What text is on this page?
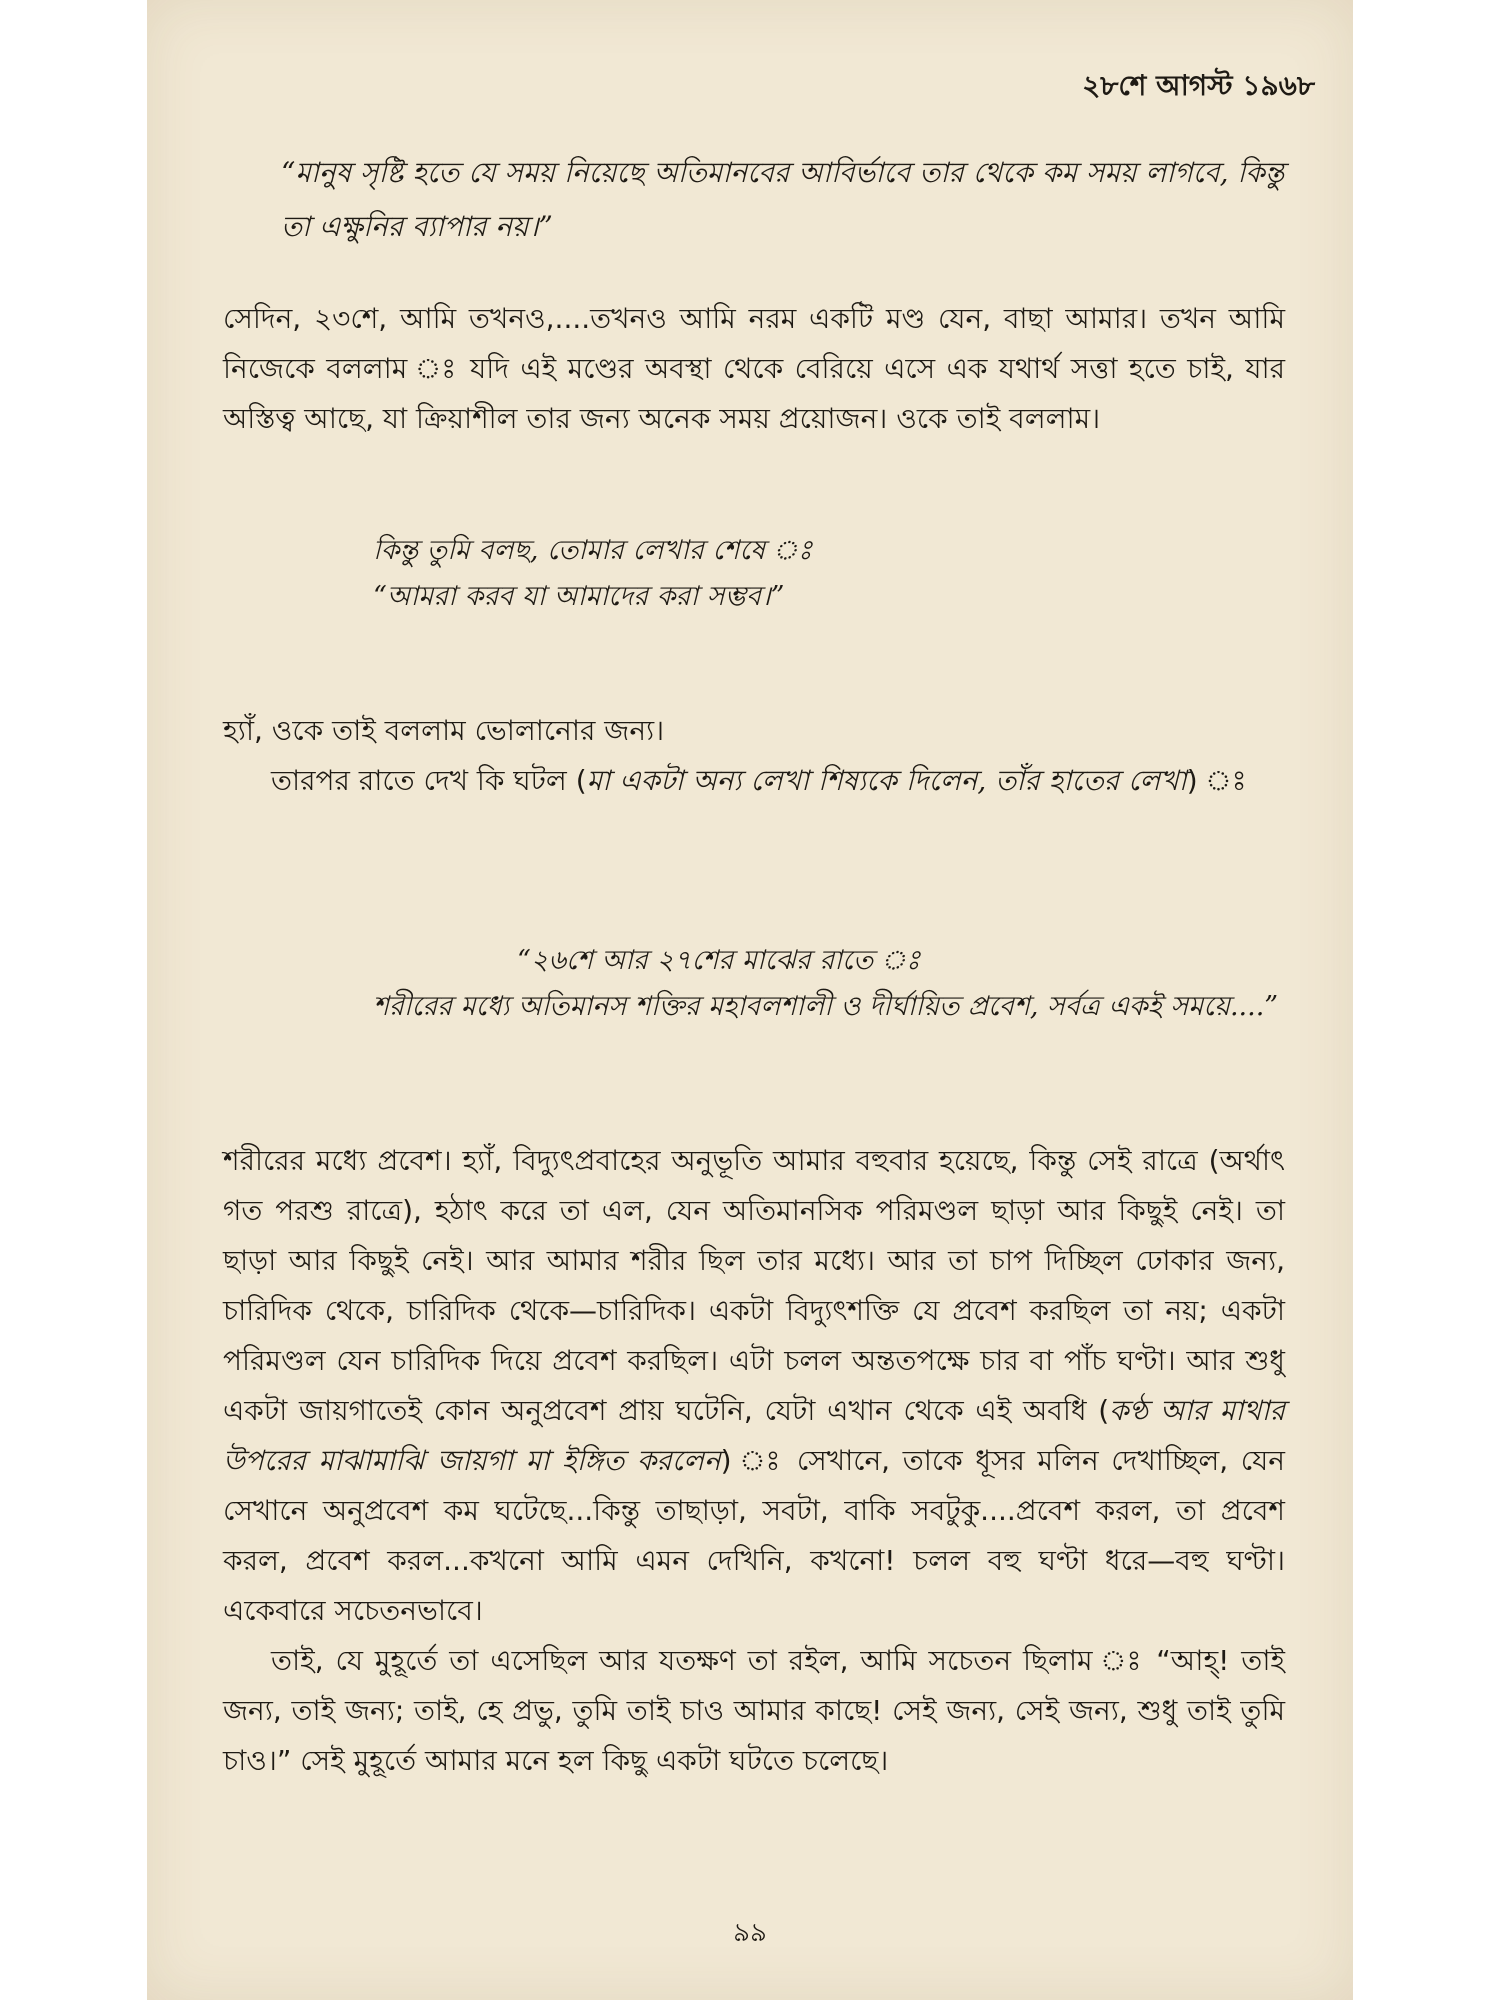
২৮শে আগস্ট ১৯৬৮

“মানুষ সৃষ্টি হতে যে সময় নিয়েছে অতিমানবের আবির্ভাবে তার থেকে কম সময় লাগবে, কিন্তু তা এক্ষুনির ব্যাপার নয়।”

সেদিন, ২৩শে, আমি তখনও,....তখনও আমি নরম একটি মণ্ড যেন, বাছা আমার। তখন আমি নিজেকে বললাম ঃ যদি এই মণ্ডের অবস্থা থেকে বেরিয়ে এসে এক যথার্থ সত্তা হতে চাই, যার অস্তিত্ব আছে, যা ক্রিয়াশীল তার জন্য অনেক সময় প্রয়োজন। ওকে তাই বললাম।

কিন্তু তুমি বলছ, তোমার লেখার শেষে ঃ

“আমরা করব যা আমাদের করা সম্ভব।”

হ্যাঁ, ওকে তাই বললাম ভোলানোর জন্য।

তারপর রাতে দেখ কি ঘটল (মা একটা অন্য লেখা শিষ্যকে দিলেন, তাঁর হাতের লেখা) ঃ

“২৬শে আর ২৭শের মাঝের রাতে ঃ

শরীরের মধ্যে অতিমানস শক্তির মহাবলশালী ও দীর্ঘায়িত প্রবেশ, সর্বত্র একই সময়ে....”

শরীরের মধ্যে প্রবেশ। হ্যাঁ, বিদ্যুৎপ্রবাহের অনুভূতি আমার বহুবার হয়েছে, কিন্তু সেই রাত্রে (অর্থাৎ গত পরশু রাত্রে), হঠাৎ করে তা এল, যেন অতিমানসিক পরিমণ্ডল ছাড়া আর কিছুই নেই। তা ছাড়া আর কিছুই নেই। আর আমার শরীর ছিল তার মধ্যে। আর তা চাপ দিচ্ছিল ঢোকার জন্য, চারিদিক থেকে, চারিদিক থেকে—চারিদিক। একটা বিদ্যুৎশক্তি যে প্রবেশ করছিল তা নয়; একটা পরিমণ্ডল যেন চারিদিক দিয়ে প্রবেশ করছিল। এটা চলল অন্ততপক্ষে চার বা পাঁচ ঘণ্টা। আর শুধু একটা জায়গাতেই কোন অনুপ্রবেশ প্রায় ঘটেনি, যেটা এখান থেকে এই অবধি (কণ্ঠ আর মাথার উপরের মাঝামাঝি জায়গা মা ইঙ্গিত করলেন) ঃ সেখানে, তাকে ধূসর মলিন দেখাচ্ছিল, যেন সেখানে অনুপ্রবেশ কম ঘটেছে...কিন্তু তাছাড়া, সবটা, বাকি সবটুকু....প্রবেশ করল, তা প্রবেশ করল, প্রবেশ করল...কখনো আমি এমন দেখিনি, কখনো! চলল বহু ঘণ্টা ধরে—বহু ঘণ্টা। একেবারে সচেতনভাবে।

তাই, যে মুহূর্তে তা এসেছিল আর যতক্ষণ তা রইল, আমি সচেতন ছিলাম ঃ “আহ্! তাই জন্য, তাই জন্য; তাই, হে প্রভু, তুমি তাই চাও আমার কাছে! সেই জন্য, সেই জন্য, শুধু তাই তুমি চাও।” সেই মুহূর্তে আমার মনে হল কিছু একটা ঘটতে চলেছে।

৯৯
